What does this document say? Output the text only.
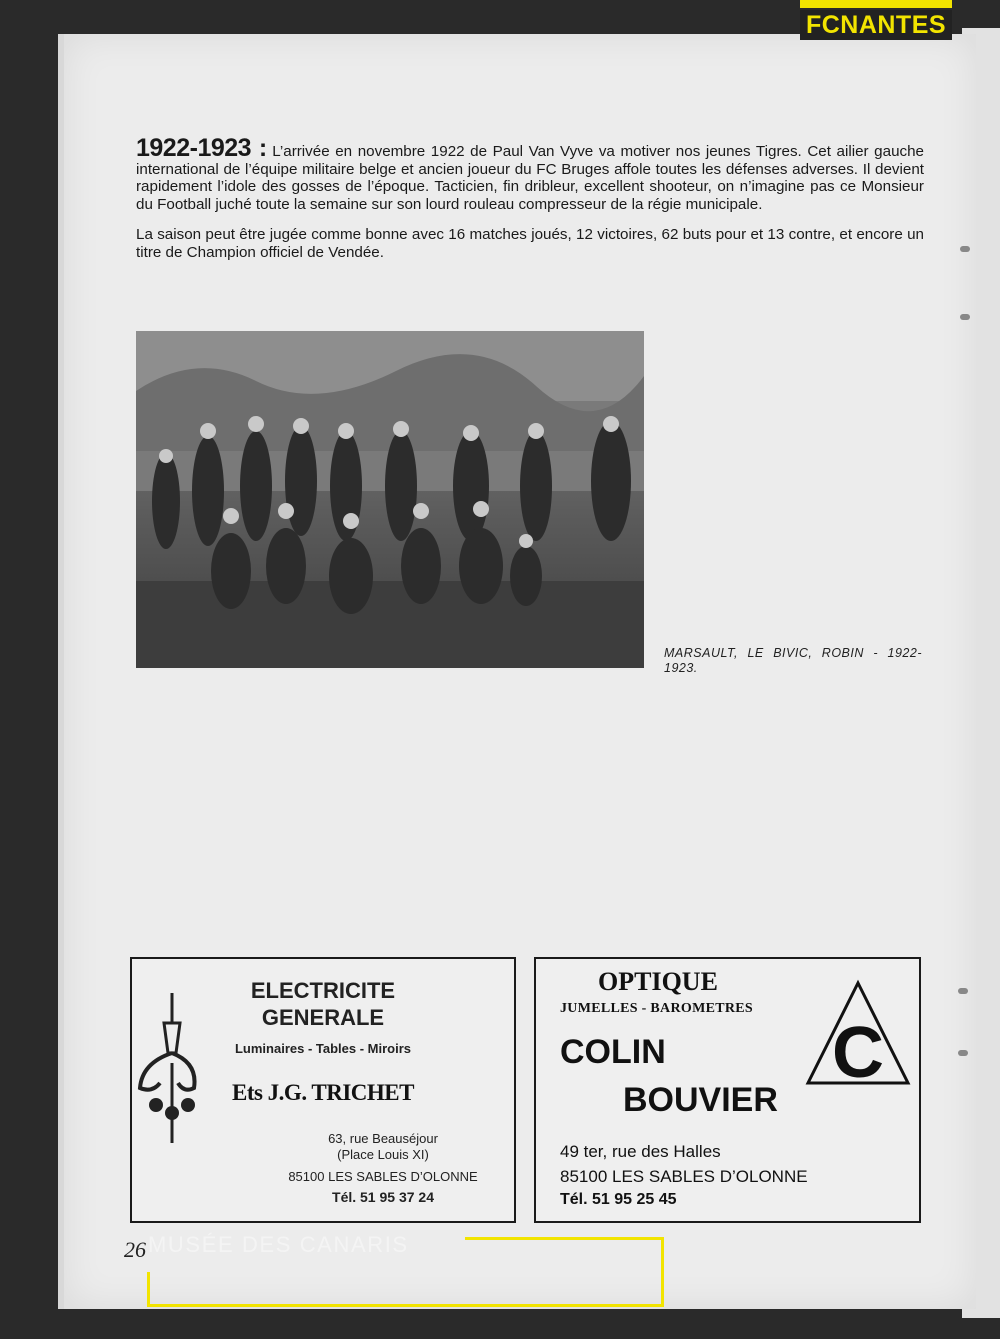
FCNANTES

1922-1923 : L’arrivée en novembre 1922 de Paul Van Vyve va motiver nos jeunes Tigres. Cet ailier gauche international de l’équipe militaire belge et ancien joueur du FC Bruges affole toutes les défenses adverses. Il devient rapidement l’idole des gosses de l’époque. Tacticien, fin dribleur, excellent shooteur, on n’imagine pas ce Monsieur du Football juché toute la semaine sur son lourd rouleau compresseur de la régie municipale.

La saison peut être jugée comme bonne avec 16 matches joués, 12 victoires, 62 buts pour et 13 contre, et encore un titre de Champion officiel de Vendée.

MARSAULT, LE BIVIC, ROBIN - 1922-1923.
ELECTRICITE
GENERALE
Luminaires - Tables - Miroirs
Ets J.G. TRICHET
63, rue Beauséjour
(Place Louis XI)
85100 LES SABLES D’OLONNE
Tél. 51 95 37 24
OPTIQUE
JUMELLES - BAROMETRES
COLIN
BOUVIER
49 ter, rue des Halles
85100 LES SABLES D’OLONNE
Tél. 51 95 25 45
C
26 MUSÉE DES CANARIS
